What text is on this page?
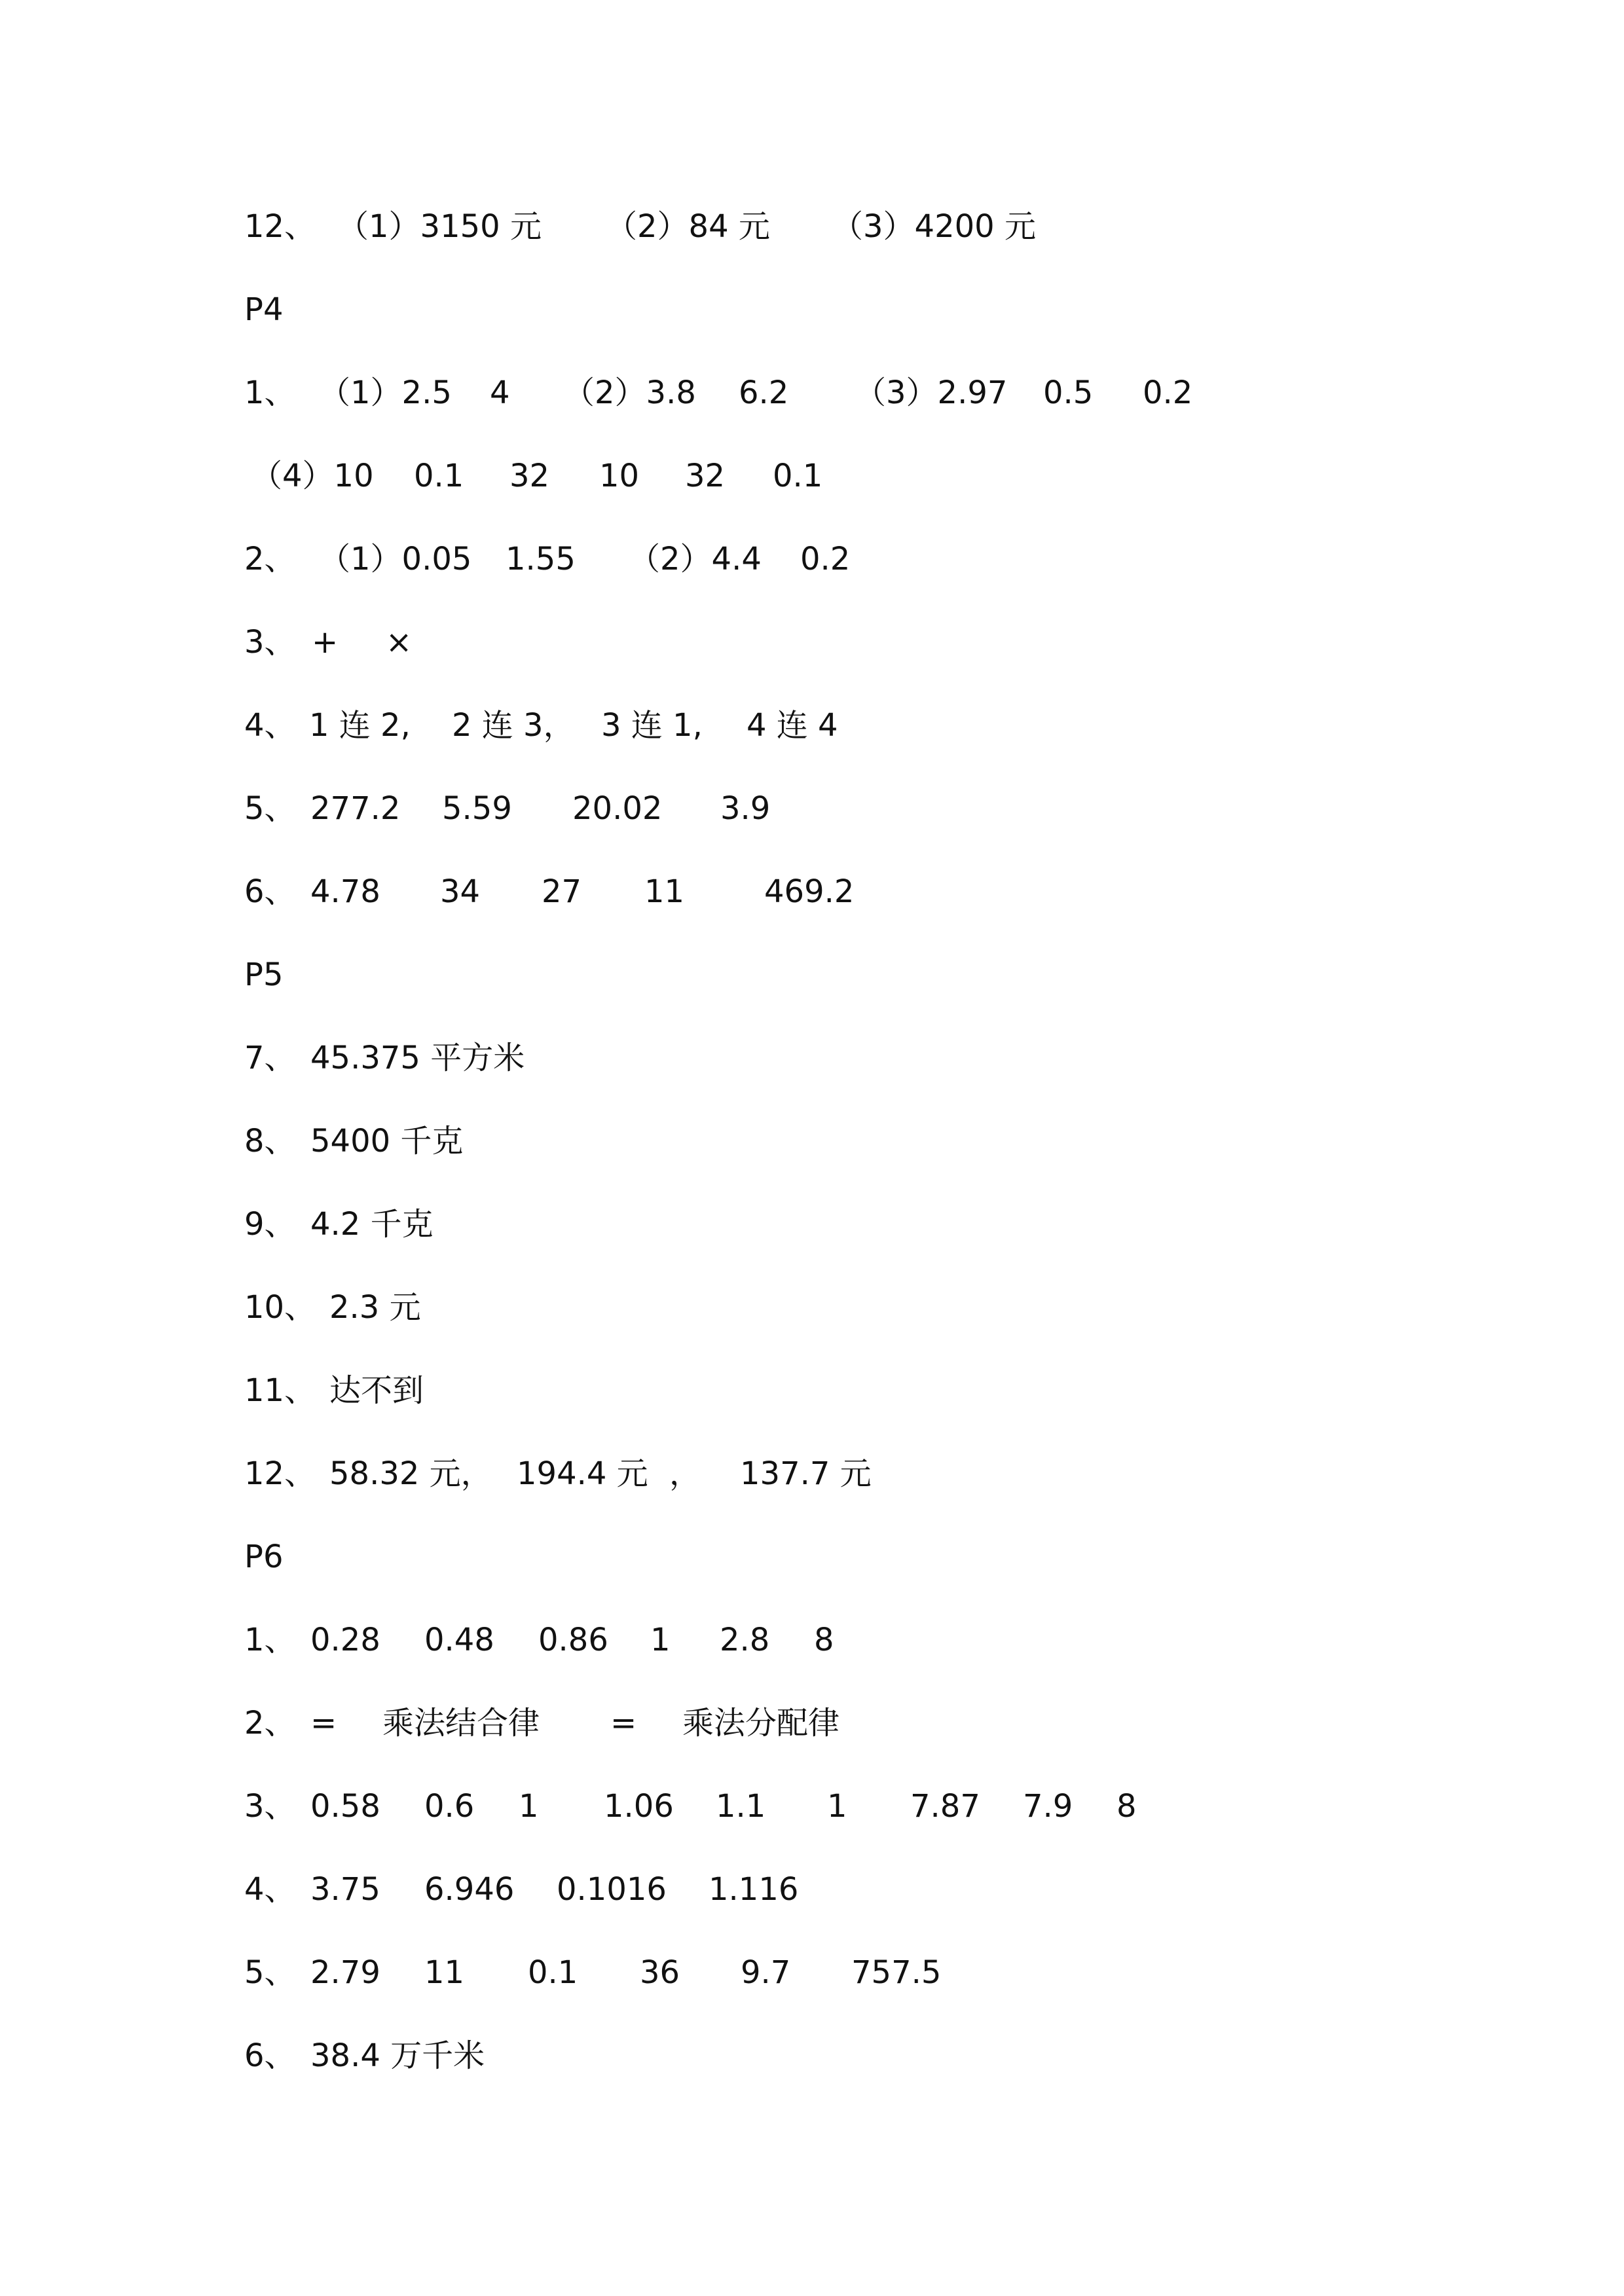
12、 （1）3150 元 （2）84 元 （3）4200 元
P4
1、 （1）2.5 4 （2）3.8 6.2 （3）2.97 0.5 0.2
（4）10 0.1 32 10 32 0.1
2、 （1）0.05 1.55 （2）4.4 0.2
3、 + ×
4、 1 连 2, 2 连 3， 3 连 1, 4 连 4
5、 277.2 5.59 20.02 3.9
6、 4.78 34 27 11	469.2
P5
7、 45.375 平方米
8、 5400 千克
9、 4.2 千克
10、 2.3 元
11、 达不到
12、 58.32 元， 194.4 元 ， 137.7 元
P6
1、 0.28 0.48 0.86 1 2.8 8
2、 = 乘法结合律 = 乘法分配律
3、 0.58 0.6 1 1.06 1.1 1 7.87 7.9 8
4、 3.75 6.946 0.1016 1.116
5、 2.79 11 0.1 36 9.7 757.5
6、 38.4 万千米
